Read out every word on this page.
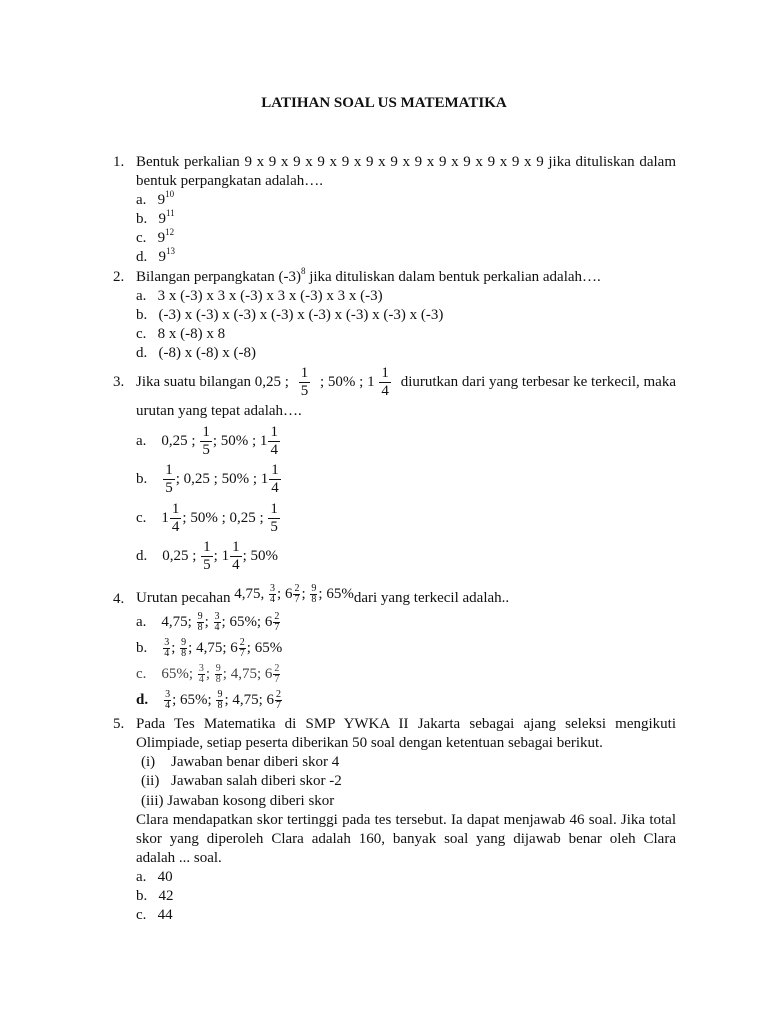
LATIHAN SOAL US MATEMATIKA
1. Bentuk perkalian 9 x 9 x 9 x 9 x 9 x 9 x 9 x 9 x 9 x 9 x 9 x 9 x 9 jika dituliskan dalam
bentuk perpangkatan adalah….
a. $9^{10}$
b. $9^{11}$
c. $9^{12}$
d. $9^{13}$
2. Bilangan perpangkatan $(-3)^8$ jika dituliskan dalam bentuk perkalian adalah….
a. 3 x (-3) x 3 x (-3) x 3 x (-3) x 3 x (-3)
b. (-3) x (-3) x (-3) x (-3) x (-3) x (-3) x (-3) x (-3)
c. 8 x (-8) x 8
d. (-8) x (-8) x (-8)
3. Jika suatu bilangan 0,25 ; $\frac{1}{5}$ ; 50% ; $1 \frac{1}{4}$ diurutkan dari yang terbesar ke terkecil, maka
urutan yang tepat adalah….
a. 0,25 ; $\frac{1}{5}$ ; 50% ; $1 \frac{1}{4}$
b. $\frac{1}{5}$ ; 0,25 ; 50% ; $1 \frac{1}{4}$
c. $1 \frac{1}{4}$ ; 50% ; 0,25 ; $\frac{1}{5}$
d. 0,25 ; $\frac{1}{5}$ ; $1 \frac{1}{4}$ ; 50%
4. Urutan pecahan 4,75, $\frac{3}{4}$ ; $6 \frac{2}{7}$ ; $\frac{9}{8}$ ; 65%dari yang terkecil adalah..
a. 4,75; $\frac{9}{8}$ ; $\frac{3}{4}$ ; 65%; $6 \frac{2}{7}$
b. $\frac{3}{4}$ ; $\frac{9}{8}$ ; 4,75; $6 \frac{2}{7}$ ; 65%
c. 65%; $\frac{3}{4}$ ; $\frac{9}{8}$ ; 4,75; $6 \frac{2}{7}$
d. $\frac{3}{4}$ ; 65%; $\frac{9}{8}$ ; 4,75; $6 \frac{2}{7}$
5. Pada Tes Matematika di SMP YWKA II Jakarta sebagai ajang seleksi mengikuti
Olimpiade, setiap peserta diberikan 50 soal dengan ketentuan sebagai berikut.
(i) Jawaban benar diberi skor 4
(ii) Jawaban salah diberi skor -2
(iii) Jawaban kosong diberi skor
Clara mendapatkan skor tertinggi pada tes tersebut. Ia dapat menjawab 46 soal. Jika total
skor yang diperoleh Clara adalah 160, banyak soal yang dijawab benar oleh Clara
adalah ... soal.
a. 40
b. 42
c. 44
